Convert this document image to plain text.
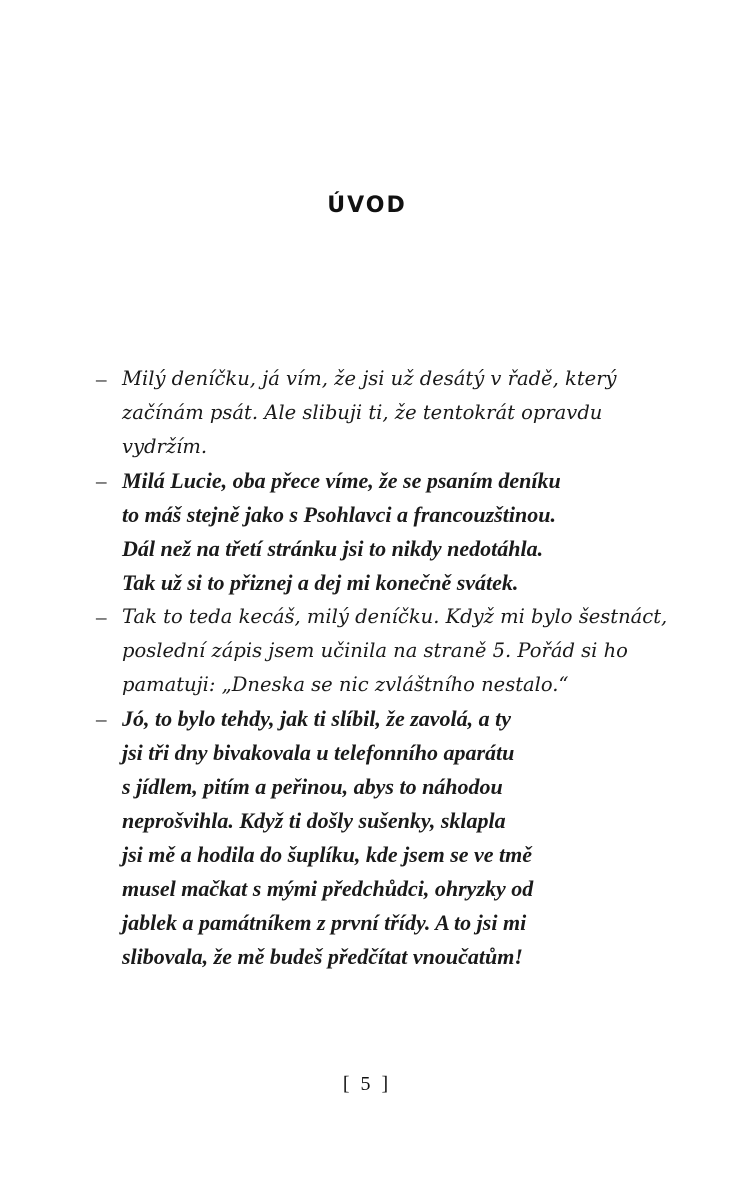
ÚVOD
– Milý deníčku, já vím, že jsi už desátý v řadě, který
začínám psát. Ale slibuji ti, že tentokrát opravdu
vydržím.
– Milá Lucie, oba přece víme, že se psaním deníku
to máš stejně jako s Psohlavci a francouzštinou.
Dál než na třetí stránku jsi to nikdy nedotáhla.
Tak už si to přiznej a dej mi konečně svátek.
– Tak to teda kecáš, milý deníčku. Když mi bylo šestnáct,
poslední zápis jsem učinila na straně 5. Pořád si ho
pamatuji: „Dneska se nic zvláštního nestalo.“
– Jó, to bylo tehdy, jak ti slíbil, že zavolá, a ty
jsi tři dny bivakovala u telefonního aparátu
s jídlem, pitím a peřinou, abys to náhodou
neprošvihla. Když ti došly sušenky, sklapla
jsi mě a hodila do šuplíku, kde jsem se ve tmě
musel mačkat s mými předchůdci, ohryzky od
jablek a památníkem z první třídy. A to jsi mi
slibovala, že mě budeš předčítat vnoučatům!
[ 5 ]
